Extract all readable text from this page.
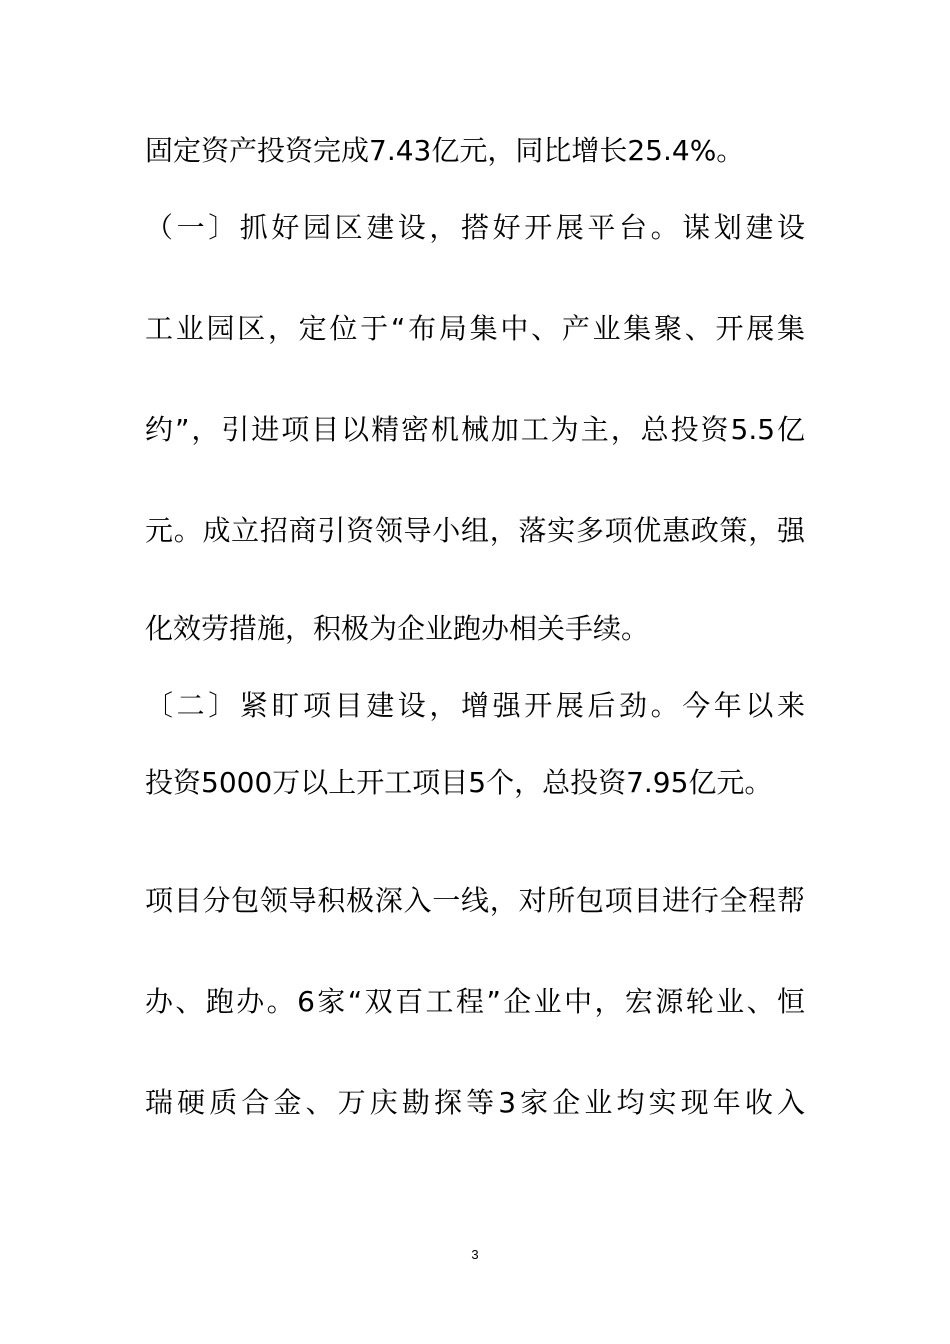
固定资产投资完成7.43亿元，同比增长25.4%。
（一〕抓好园区建设，搭好开展平台。谋划建设
工业园区，定位于“布局集中、产业集聚、开展集
约”，引进项目以精密机械加工为主，总投资5.5亿
元。成立招商引资领导小组，落实多项优惠政策，强
化效劳措施，积极为企业跑办相关手续。
〔二〕紧盯项目建设，增强开展后劲。今年以来
投资5000万以上开工项目5个，总投资7.95亿元。
项目分包领导积极深入一线，对所包项目进行全程帮
办、跑办。6家“双百工程”企业中，宏源轮业、恒
瑞硬质合金、万庆勘探等3家企业均实现年收入
3
